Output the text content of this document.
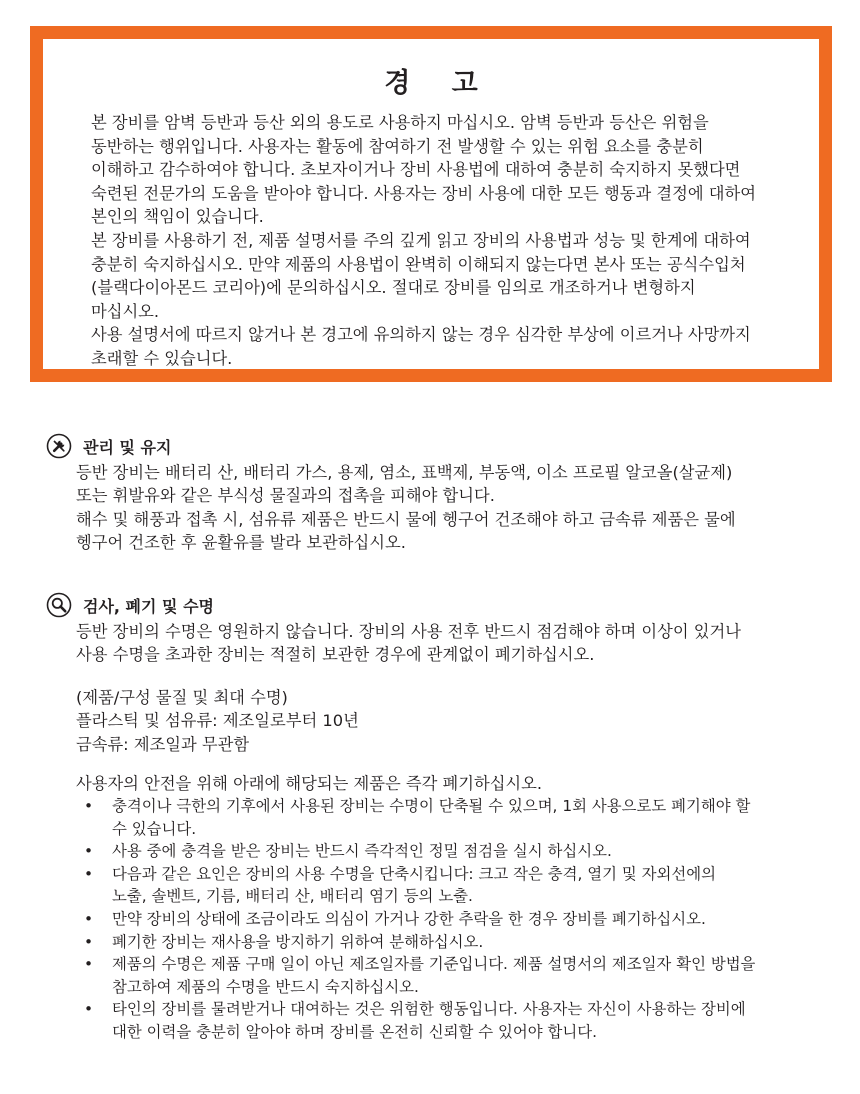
경 고

본 장비를 암벽 등반과 등산 외의 용도로 사용하지 마십시오. 암벽 등반과 등산은 위험을

동반하는 행위입니다. 사용자는 활동에 참여하기 전 발생할 수 있는 위험 요소를 충분히

이해하고 감수하여야 합니다. 초보자이거나 장비 사용법에 대하여 충분히 숙지하지 못했다면

숙련된 전문가의 도움을 받아야 합니다. 사용자는 장비 사용에 대한 모든 행동과 결정에 대하여

본인의 책임이 있습니다.

본 장비를 사용하기 전, 제품 설명서를 주의 깊게 읽고 장비의 사용법과 성능 및 한계에 대하여

충분히 숙지하십시오. 만약 제품의 사용법이 완벽히 이해되지 않는다면 본사 또는 공식수입처

(블랙다이아몬드 코리아)에 문의하십시오. 절대로 장비를 임의로 개조하거나 변형하지

마십시오.

사용 설명서에 따르지 않거나 본 경고에 유의하지 않는 경우 심각한 부상에 이르거나 사망까지

초래할 수 있습니다.

관리 및 유지

등반 장비는 배터리 산, 배터리 가스, 용제, 염소, 표백제, 부동액, 이소 프로필 알코올(살균제)

또는 휘발유와 같은 부식성 물질과의 접촉을 피해야 합니다.

해수 및 해풍과 접촉 시, 섬유류 제품은 반드시 물에 헹구어 건조해야 하고 금속류 제품은 물에

헹구어 건조한 후 윤활유를 발라 보관하십시오.

검사, 폐기 및 수명

등반 장비의 수명은 영원하지 않습니다. 장비의 사용 전후 반드시 점검해야 하며 이상이 있거나

사용 수명을 초과한 장비는 적절히 보관한 경우에 관계없이 폐기하십시오.

(제품/구성 물질 및 최대 수명)

플라스틱 및 섬유류: 제조일로부터 10년

금속류: 제조일과 무관함

사용자의 안전을 위해 아래에 해당되는 제품은 즉각 폐기하십시오.

• 충격이나 극한의 기후에서 사용된 장비는 수명이 단축될 수 있으며, 1회 사용으로도 폐기해야 할
수 있습니다.
• 사용 중에 충격을 받은 장비는 반드시 즉각적인 정밀 점검을 실시 하십시오.
• 다음과 같은 요인은 장비의 사용 수명을 단축시킵니다: 크고 작은 충격, 열기 및 자외선에의
노출, 솔벤트, 기름, 배터리 산, 배터리 염기 등의 노출.
• 만약 장비의 상태에 조금이라도 의심이 가거나 강한 추락을 한 경우 장비를 폐기하십시오.
• 폐기한 장비는 재사용을 방지하기 위하여 분해하십시오.
• 제품의 수명은 제품 구매 일이 아닌 제조일자를 기준입니다. 제품 설명서의 제조일자 확인 방법을
참고하여 제품의 수명을 반드시 숙지하십시오.
• 타인의 장비를 물려받거나 대여하는 것은 위험한 행동입니다. 사용자는 자신이 사용하는 장비에
대한 이력을 충분히 알아야 하며 장비를 온전히 신뢰할 수 있어야 합니다.
